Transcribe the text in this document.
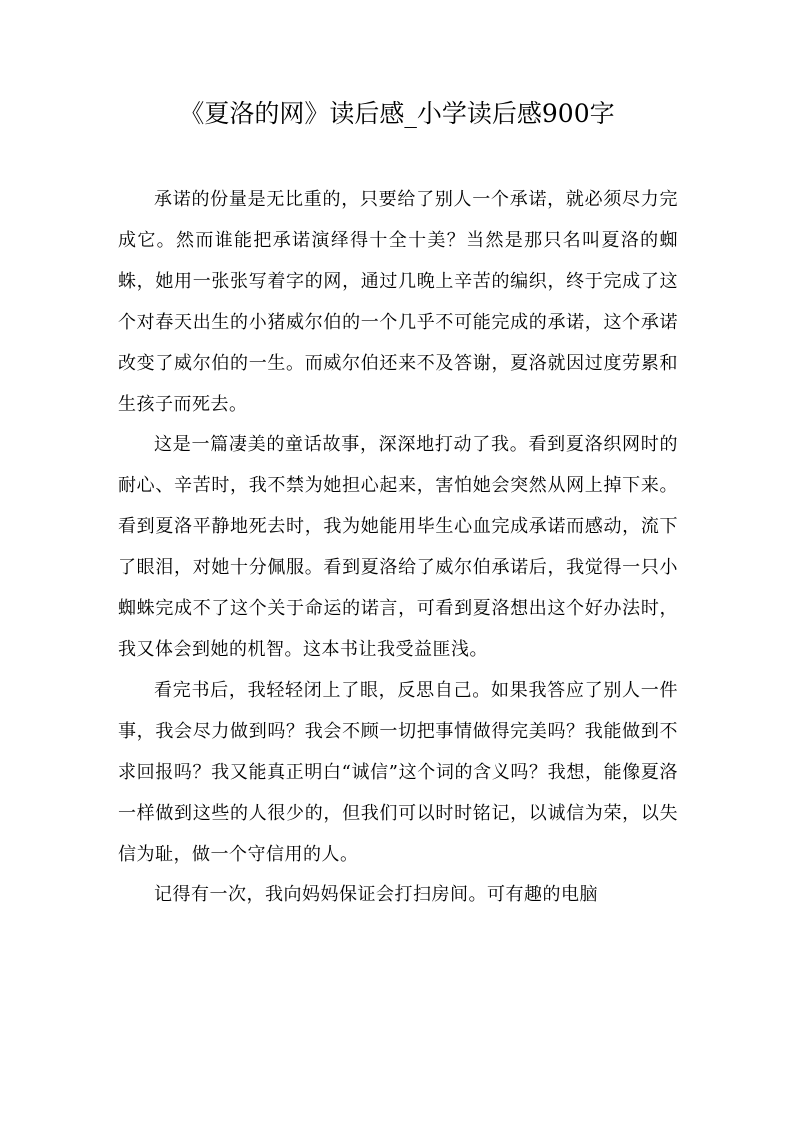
《夏洛的网》读后感_小学读后感900字

承诺的份量是无比重的，只要给了别人一个承诺，就必须尽力完成它。然而谁能把承诺演绎得十全十美？当然是那只名叫夏洛的蜘蛛，她用一张张写着字的网，通过几晚上辛苦的编织，终于完成了这个对春天出生的小猪威尔伯的一个几乎不可能完成的承诺，这个承诺改变了威尔伯的一生。而威尔伯还来不及答谢，夏洛就因过度劳累和生孩子而死去。

这是一篇凄美的童话故事，深深地打动了我。看到夏洛织网时的耐心、辛苦时，我不禁为她担心起来，害怕她会突然从网上掉下来。看到夏洛平静地死去时，我为她能用毕生心血完成承诺而感动，流下了眼泪，对她十分佩服。看到夏洛给了威尔伯承诺后，我觉得一只小蜘蛛完成不了这个关于命运的诺言，可看到夏洛想出这个好办法时，我又体会到她的机智。这本书让我受益匪浅。

看完书后，我轻轻闭上了眼，反思自己。如果我答应了别人一件事，我会尽力做到吗？我会不顾一切把事情做得完美吗？我能做到不求回报吗？我又能真正明白“诚信”这个词的含义吗？我想，能像夏洛一样做到这些的人很少的，但我们可以时时铭记，以诚信为荣，以失信为耻，做一个守信用的人。

记得有一次，我向妈妈保证会打扫房间。可有趣的电脑
